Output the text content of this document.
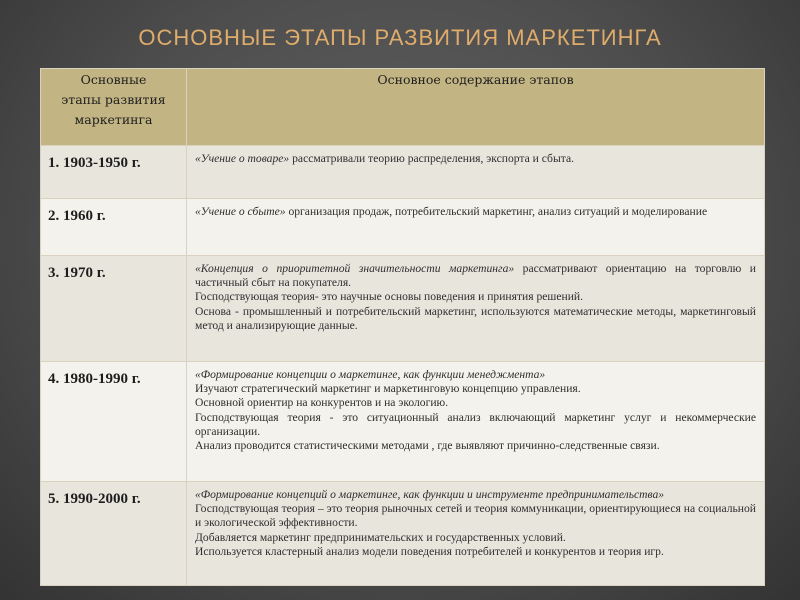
ОСНОВНЫЕ ЭТАПЫ РАЗВИТИЯ МАРКЕТИНГА
Основные
этапы развития
маркетинга	Основное содержание этапов
1. 1903-1950 г.	«Учение о товаре» рассматривали теорию распределения, экспорта и сбыта.
2. 1960 г.	«Учение о сбыте» организация продаж, потребительский маркетинг, анализ ситуаций и моделирование
3. 1970 г.	«Концепция о приоритетной значительности маркетинга» рассматривают ориентацию на торговлю и частичный сбыт на покупателя.
Господствующая теория- это научные основы поведения и принятия решений.
Основа - промышленный и потребительский маркетинг, используются математические методы, маркетинговый метод и анализирующие данные.

4. 1980-1990 г.	«Формирование концепции о маркетинге, как функции менеджмента»
Изучают стратегический маркетинг и маркетинговую концепцию управления.
Основной ориентир на конкурентов и на экологию.
Господствующая теория - это ситуационный анализ включающий маркетинг услуг и некоммерческие организации.
Анализ проводится статистическими методами , где выявляют причинно-следственные связи.

5. 1990-2000 г.	«Формирование концепций о маркетинге, как функции и инструменте предпринимательства»
Господствующая теория – это теория рыночных сетей и теория коммуникации, ориентирующиеся на социальной и экологической эффективности.
Добавляется маркетинг предпринимательских и государственных условий.
Используется кластерный анализ модели поведения потребителей и конкурентов и теория игр.
